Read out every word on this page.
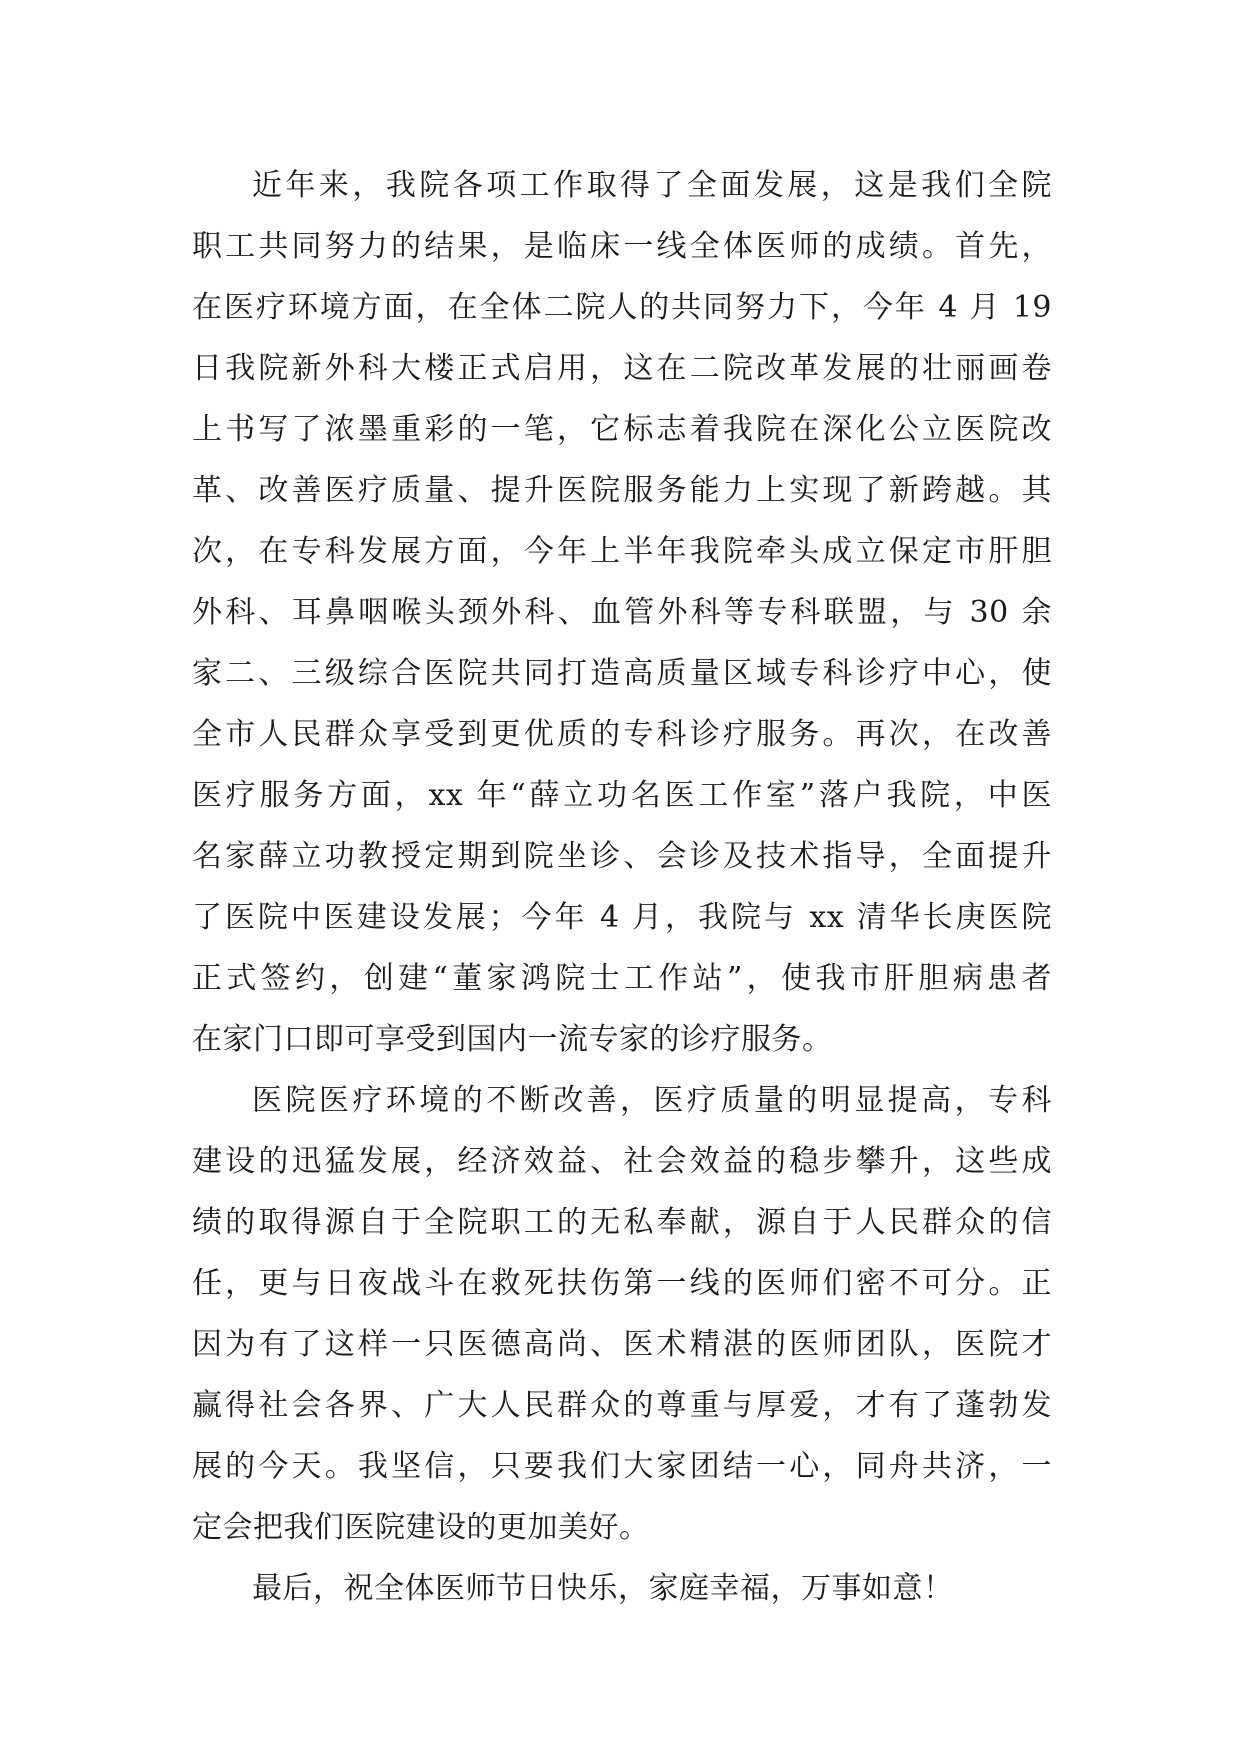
近年来，我院各项工作取得了全面发展，这是我们全院
职工共同努力的结果，是临床一线全体医师的成绩。首先，
在医疗环境方面，在全体二院人的共同努力下，今年 4 月 19
日我院新外科大楼正式启用，这在二院改革发展的壮丽画卷
上书写了浓墨重彩的一笔，它标志着我院在深化公立医院改
革、改善医疗质量、提升医院服务能力上实现了新跨越。其
次，在专科发展方面，今年上半年我院牵头成立保定市肝胆
外科、耳鼻咽喉头颈外科、血管外科等专科联盟，与 30 余
家二、三级综合医院共同打造高质量区域专科诊疗中心，使
全市人民群众享受到更优质的专科诊疗服务。再次，在改善
医疗服务方面，xx 年“薛立功名医工作室”落户我院，中医
名家薛立功教授定期到院坐诊、会诊及技术指导，全面提升
了医院中医建设发展；今年 4 月，我院与 xx 清华长庚医院
正式签约，创建“董家鸿院士工作站”，使我市肝胆病患者
在家门口即可享受到国内一流专家的诊疗服务。
医院医疗环境的不断改善，医疗质量的明显提高，专科
建设的迅猛发展，经济效益、社会效益的稳步攀升，这些成
绩的取得源自于全院职工的无私奉献，源自于人民群众的信
任，更与日夜战斗在救死扶伤第一线的医师们密不可分。正
因为有了这样一只医德高尚、医术精湛的医师团队，医院才
赢得社会各界、广大人民群众的尊重与厚爱，才有了蓬勃发
展的今天。我坚信，只要我们大家团结一心，同舟共济，一
定会把我们医院建设的更加美好。
最后，祝全体医师节日快乐，家庭幸福，万事如意！
